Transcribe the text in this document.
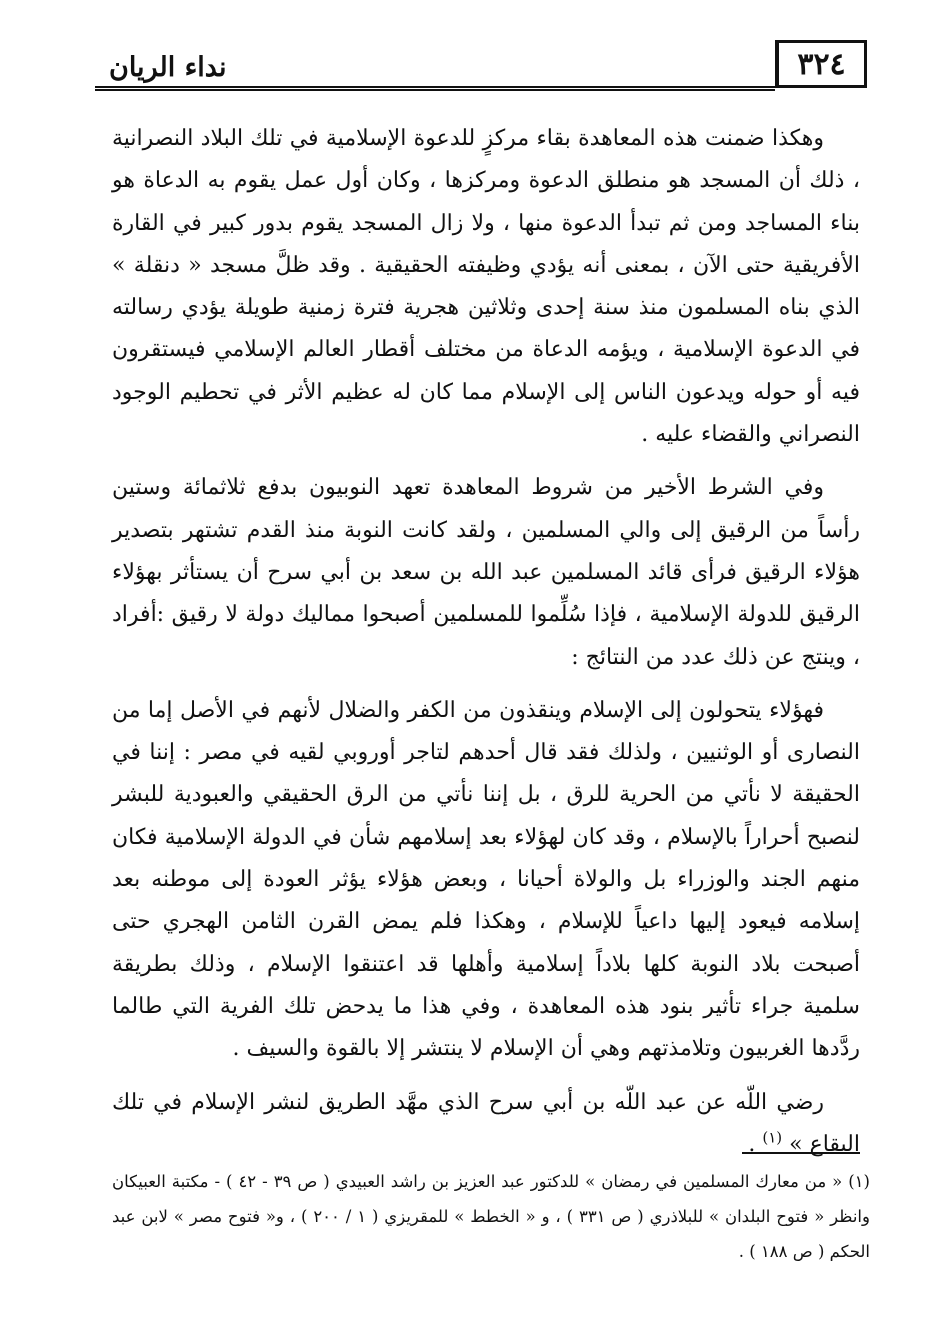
٣٢٤
نداء الريان

وهكذا ضمنت هذه المعاهدة بقاء مركزٍ للدعوة الإسلامية في تلك البلاد النصرانية ، ذلك أن المسجد هو منطلق الدعوة ومركزها ، وكان أول عمل يقوم به الدعاة هو بناء المساجد ومن ثم تبدأ الدعوة منها ، ولا زال المسجد يقوم بدور كبير في القارة الأفريقية حتى الآن ، بمعنى أنه يؤدي وظيفته الحقيقية . وقد ظلَّ مسجد « دنقلة » الذي بناه المسلمون منذ سنة إحدى وثلاثين هجرية فترة زمنية طويلة يؤدي رسالته في الدعوة الإسلامية ، ويؤمه الدعاة من مختلف أقطار العالم الإسلامي فيستقرون فيه أو حوله ويدعون الناس إلى الإسلام مما كان له عظيم الأثر في تحطيم الوجود النصراني والقضاء عليه .

وفي الشرط الأخير من شروط المعاهدة تعهد النوبيون بدفع ثلاثمائة وستين رأساً من الرقيق إلى والي المسلمين ، ولقد كانت النوبة منذ القدم تشتهر بتصدير هؤلاء الرقيق فرأى قائد المسلمين عبد الله بن سعد بن أبي سرح أن يستأثر بهؤلاء الرقيق للدولة الإسلامية ، فإذا سُلِّموا للمسلمين أصبحوا مماليك دولة لا رقيق :أفراد ، وينتج عن ذلك عدد من النتائج :

فهؤلاء يتحولون إلى الإسلام وينقذون من الكفر والضلال لأنهم في الأصل إما من النصارى أو الوثنيين ، ولذلك فقد قال أحدهم لتاجر أوروبي لقيه في مصر : إننا في الحقيقة لا نأتي من الحرية للرق ، بل إننا نأتي من الرق الحقيقي والعبودية للبشر لنصبح أحراراً بالإسلام ، وقد كان لهؤلاء بعد إسلامهم شأن في الدولة الإسلامية فكان منهم الجند والوزراء بل والولاة أحيانا ، وبعض هؤلاء يؤثر العودة إلى موطنه بعد إسلامه فيعود إليها داعياً للإسلام ، وهكذا فلم يمض القرن الثامن الهجري حتى أصبحت بلاد النوبة كلها بلاداً إسلامية وأهلها قد اعتنقوا الإسلام ، وذلك بطريقة سلمية جراء تأثير بنود هذه المعاهدة ، وفي هذا ما يدحض تلك الفرية التي طالما ردَّدها الغربيون وتلامذتهم وهي أن الإسلام لا ينتشر إلا بالقوة والسيف .

رضي اللّه عن عبد اللّه بن أبي سرح الذي مهَّد الطريق لنشر الإسلام في تلك البقاع » $^{(١)}$ .

(١) « من معارك المسلمين في رمضان » للدكتور عبد العزيز بن راشد العبيدي ( ص ٣٩ - ٤٢ ) - مكتبة العبيكان وانظر « فتوح البلدان » للبلاذري ( ص ٣٣١ ) ، و « الخطط » للمقريزي ( ١ / ٢٠٠ ) ، و« فتوح مصر » لابن عبد الحكم ( ص ١٨٨ ) .
